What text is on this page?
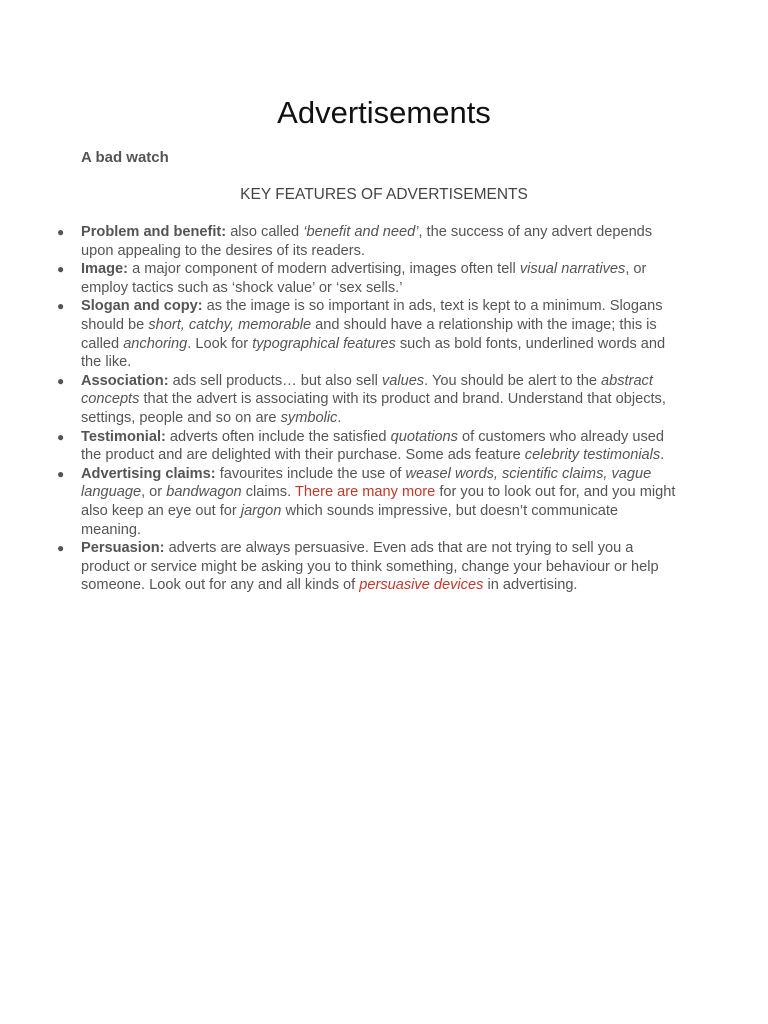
Advertisements

A bad watch

KEY FEATURES OF ADVERTISEMENTS

● Problem and benefit: also called ‘benefit and need’, the success of any advert depends upon appealing to the desires of its readers.
● Image: a major component of modern advertising, images often tell visual narratives, or employ tactics such as ‘shock value’ or ‘sex sells.’
● Slogan and copy: as the image is so important in ads, text is kept to a minimum. Slogans should be short, catchy, memorable and should have a relationship with the image; this is called anchoring. Look for typographical features such as bold fonts, underlined words and the like.
● Association: ads sell products… but also sell values. You should be alert to the abstract concepts that the advert is associating with its product and brand. Understand that objects, settings, people and so on are symbolic.
● Testimonial: adverts often include the satisfied quotations of customers who already used the product and are delighted with their purchase. Some ads feature celebrity testimonials.
● Advertising claims: favourites include the use of weasel words, scientific claims, vague language, or bandwagon claims. There are many more for you to look out for, and you might also keep an eye out for jargon which sounds impressive, but doesn’t communicate meaning.
● Persuasion: adverts are always persuasive. Even ads that are not trying to sell you a product or service might be asking you to think something, change your behaviour or help someone. Look out for any and all kinds of persuasive devices in advertising.
